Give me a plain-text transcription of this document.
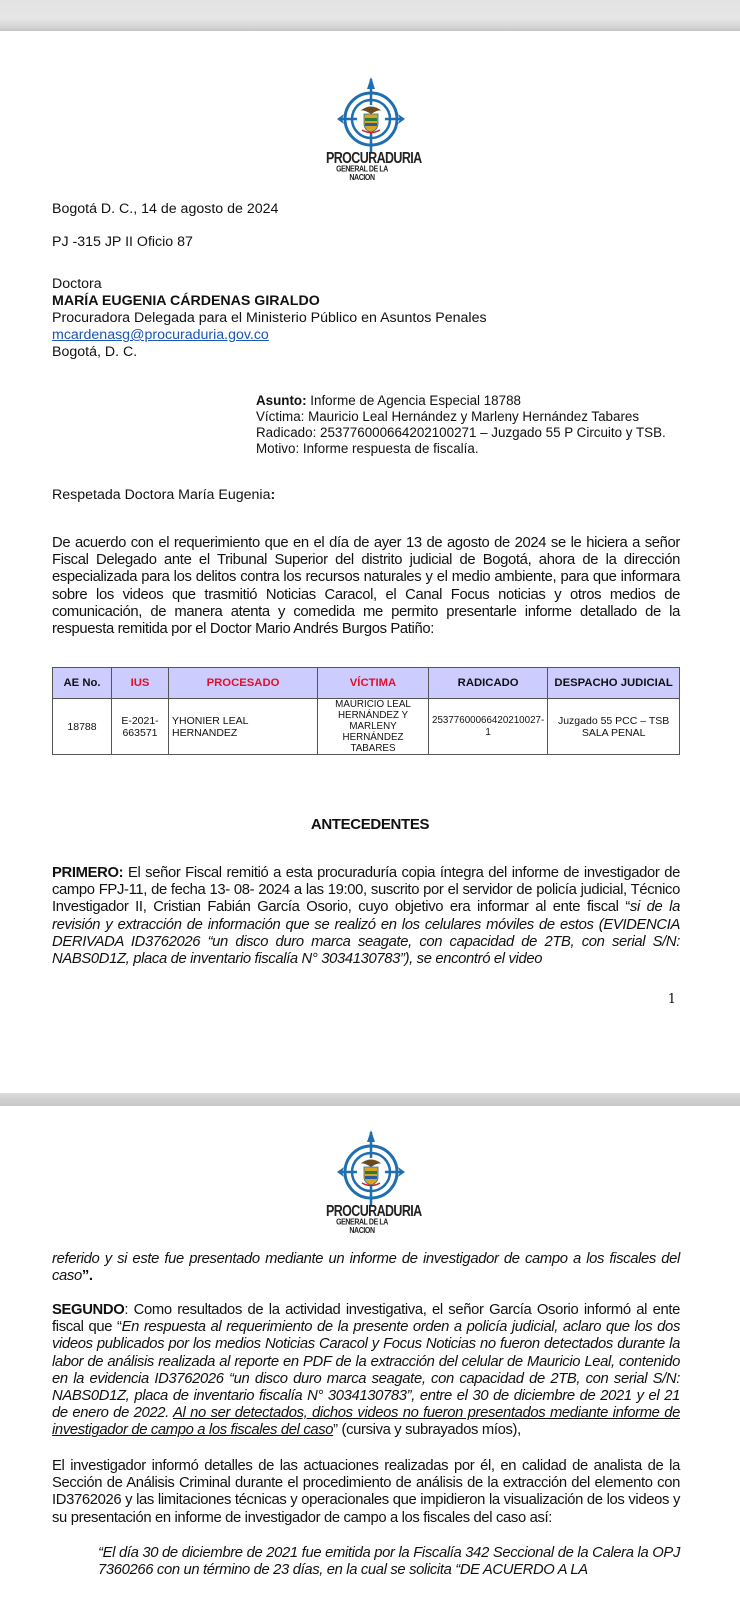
PROCURADURIA
GENERAL DE LA NACION
Bogotá D. C., 14 de agosto de 2024
PJ -315 JP II Oficio 87
Doctora
MARÍA EUGENIA CÁRDENAS GIRALDO
Procuradora Delegada para el Ministerio Público en Asuntos Penales
mcardenasg@procuraduria.gov.co
Bogotá, D. C.
Asunto: Informe de Agencia Especial 18788
Víctima: Mauricio Leal Hernández y Marleny Hernández Tabares
Radicado: 253776000664202100271 – Juzgado 55 P Circuito y TSB.
Motivo: Informe respuesta de fiscalía.
Respetada Doctora María Eugenia:
De acuerdo con el requerimiento que en el día de ayer 13 de agosto de 2024 se le hiciera a señor Fiscal Delegado ante el Tribunal Superior del distrito judicial de Bogotá, ahora de la dirección especializada para los delitos contra los recursos naturales y el medio ambiente, para que informara sobre los videos que trasmitió Noticias Caracol, el Canal Focus noticias y otros medios de comunicación, de manera atenta y comedida me permito presentarle informe detallado de la respuesta remitida por el Doctor Mario Andrés Burgos Patiño:
AE No.	IUS	PROCESADO	VÍCTIMA	RADICADO	DESPACHO JUDICIAL
18788	E-2021-663571	YHONIER LEAL HERNANDEZ	MAURICIO LEAL HERNÁNDEZ Y MARLENY HERNÁNDEZ TABARES	253776000664202100271	Juzgado 55 PCC – TSB SALA PENAL
ANTECEDENTES
PRIMERO: El señor Fiscal remitió a esta procuraduría copia íntegra del informe de investigador de campo FPJ-11, de fecha 13- 08- 2024 a las 19:00, suscrito por el servidor de policía judicial, Técnico Investigador II, Cristian Fabián García Osorio, cuyo objetivo era informar al ente fiscal “si de la revisión y extracción de información que se realizó en los celulares móviles de estos (EVIDENCIA DERIVADA ID3762026 “un disco duro marca seagate, con capacidad de 2TB, con serial S/N: NABS0D1Z, placa de inventario fiscalía N° 3034130783”), se encontró el video
1
PROCURADURIA
GENERAL DE LA NACION
referido y si este fue presentado mediante un informe de investigador de campo a los fiscales del caso”.
SEGUNDO: Como resultados de la actividad investigativa, el señor García Osorio informó al ente fiscal que “En respuesta al requerimiento de la presente orden a policía judicial, aclaro que los dos videos publicados por los medios Noticias Caracol y Focus Noticias no fueron detectados durante la labor de análisis realizada al reporte en PDF de la extracción del celular de Mauricio Leal, contenido en la evidencia ID3762026 “un disco duro marca seagate, con capacidad de 2TB, con serial S/N: NABS0D1Z, placa de inventario fiscalía N° 3034130783”, entre el 30 de diciembre de 2021 y el 21 de enero de 2022. Al no ser detectados, dichos videos no fueron presentados mediante informe de investigador de campo a los fiscales del caso” (cursiva y subrayados míos),
El investigador informó detalles de las actuaciones realizadas por él, en calidad de analista de la Sección de Análisis Criminal durante el procedimiento de análisis de la extracción del elemento con ID3762026 y las limitaciones técnicas y operacionales que impidieron la visualización de los videos y su presentación en informe de investigador de campo a los fiscales del caso así:
“El día 30 de diciembre de 2021 fue emitida por la Fiscalía 342 Seccional de la Calera la OPJ 7360266 con un término de 23 días, en la cual se solicita “DE ACUERDO A LA
